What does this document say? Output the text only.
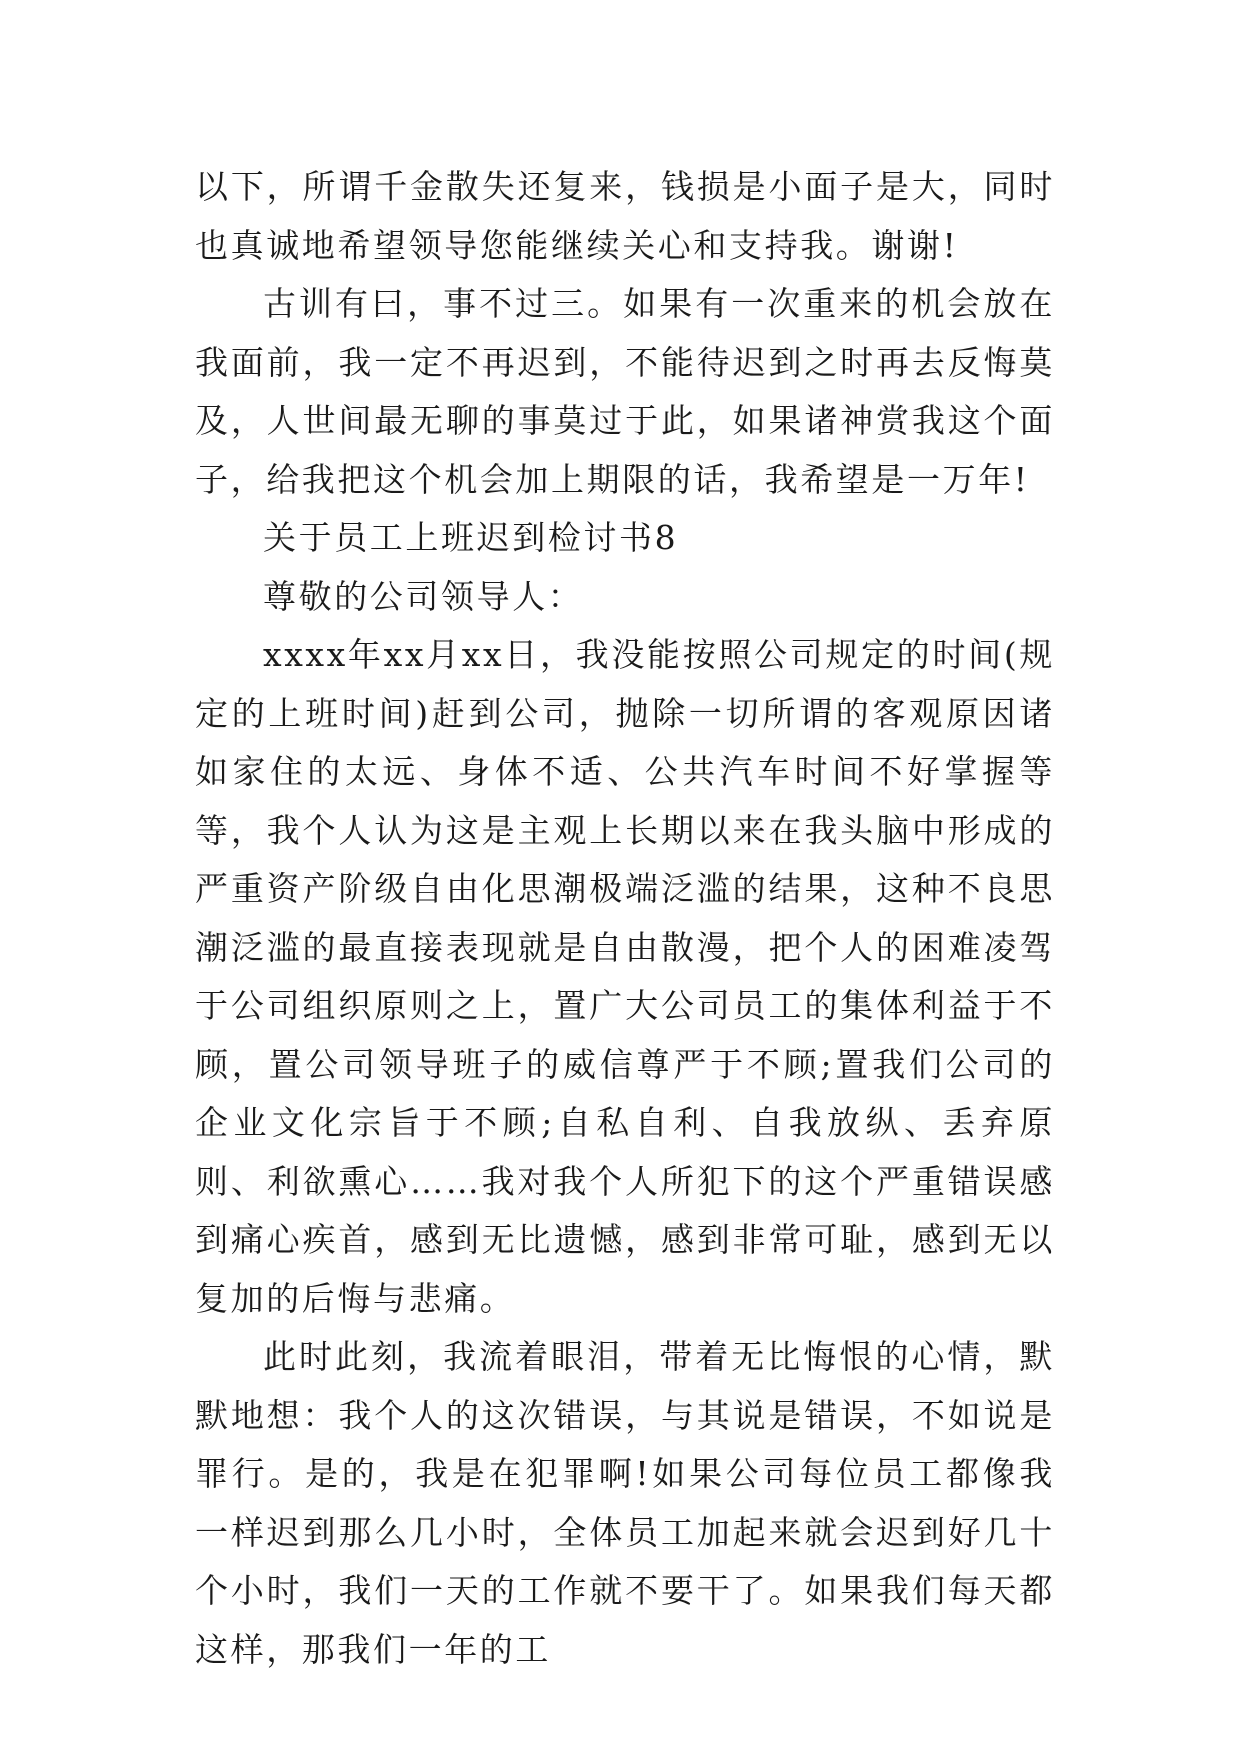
以下，所谓千金散失还复来，钱损是小面子是大，同时也真诚地希望领导您能继续关心和支持我。谢谢!

古训有曰，事不过三。如果有一次重来的机会放在我面前，我一定不再迟到，不能待迟到之时再去反悔莫及，人世间最无聊的事莫过于此，如果诸神赏我这个面子，给我把这个机会加上期限的话，我希望是一万年!

关于员工上班迟到检讨书8

尊敬的公司领导人：

xxxx年xx月xx日，我没能按照公司规定的时间(规定的上班时间)赶到公司，抛除一切所谓的客观原因诸如家住的太远、身体不适、公共汽车时间不好掌握等等，我个人认为这是主观上长期以来在我头脑中形成的严重资产阶级自由化思潮极端泛滥的结果，这种不良思潮泛滥的最直接表现就是自由散漫，把个人的困难凌驾于公司组织原则之上，置广大公司员工的集体利益于不顾，置公司领导班子的威信尊严于不顾;置我们公司的企业文化宗旨于不顾;自私自利、自我放纵、丢弃原则、利欲熏心……我对我个人所犯下的这个严重错误感到痛心疾首，感到无比遗憾，感到非常可耻，感到无以复加的后悔与悲痛。

此时此刻，我流着眼泪，带着无比悔恨的心情，默默地想：我个人的这次错误，与其说是错误，不如说是罪行。是的，我是在犯罪啊!如果公司每位员工都像我一样迟到那么几小时，全体员工加起来就会迟到好几十个小时，我们一天的工作就不要干了。如果我们每天都这样，那我们一年的工
